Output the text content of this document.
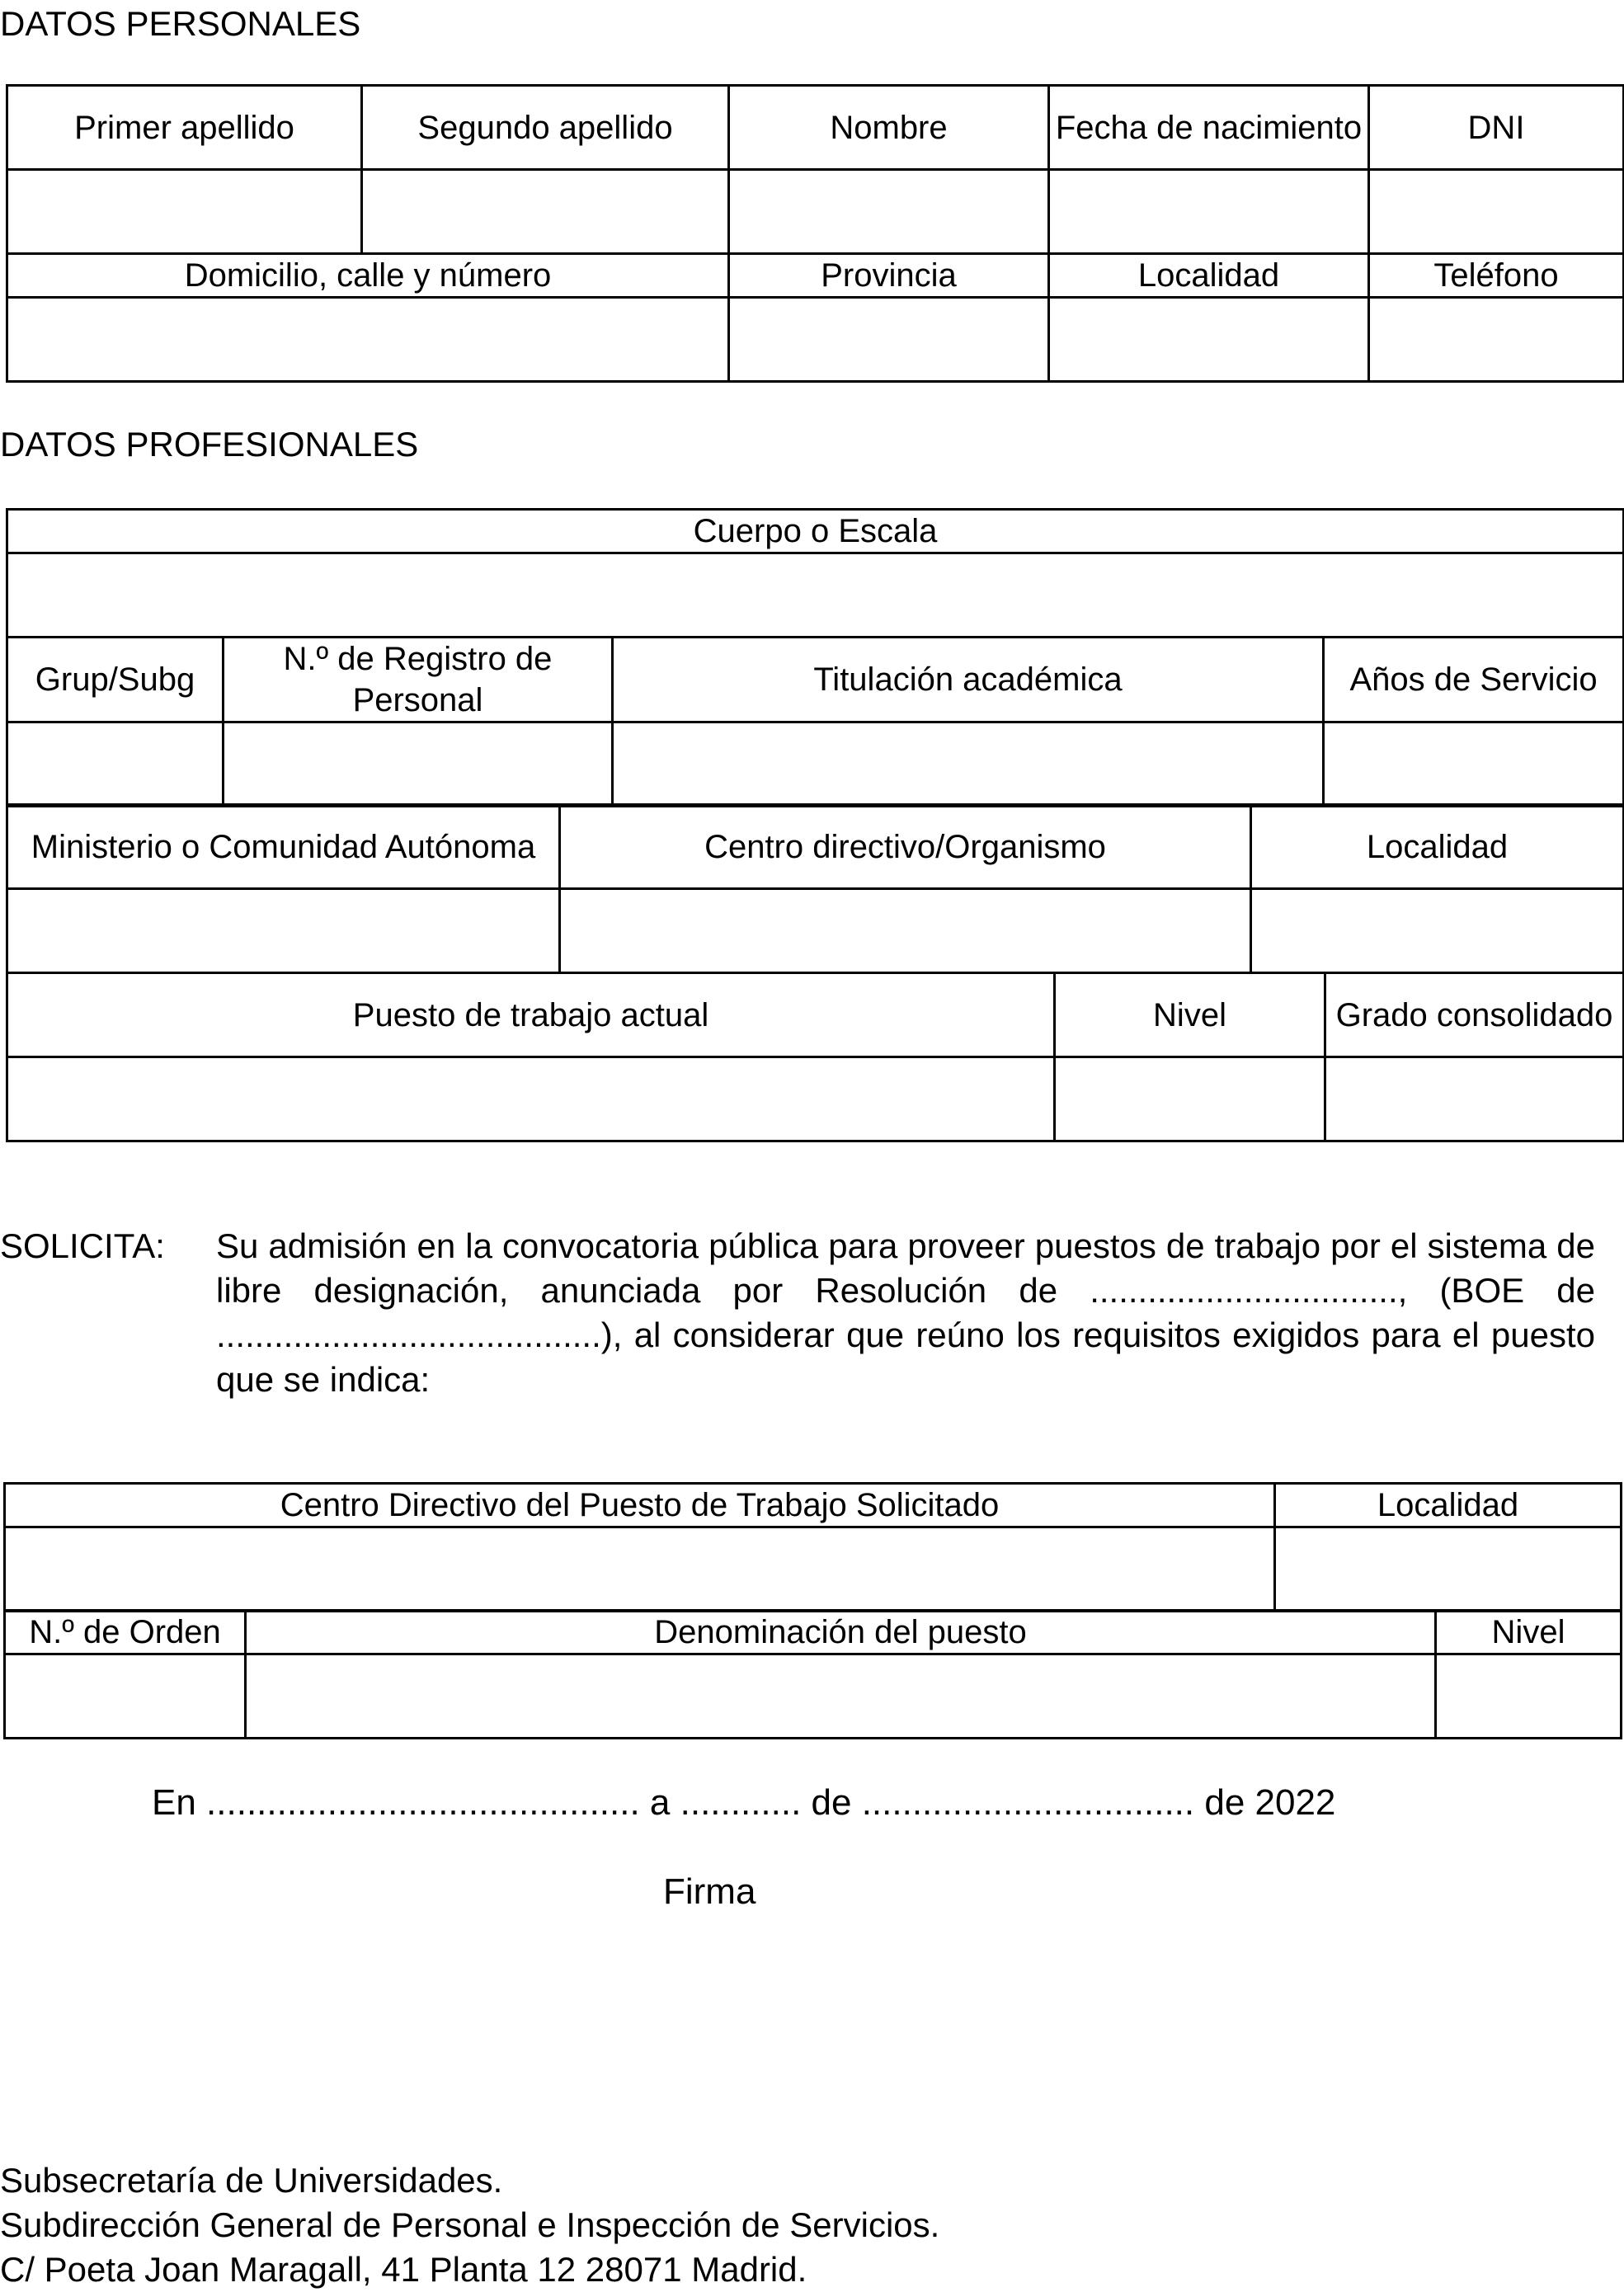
DATOS PERSONALES
Primer apellido	Segundo apellido	Nombre	Fecha de nacimiento	DNI

Domicilio, calle y número		Provincia	Localidad	Teléfono

DATOS PROFESIONALES
Cuerpo o Escala			

Grup/Subg	N.º de Registro de Personal	Titulación académica	Años de Servicio

Ministerio o Comunidad Autónoma	Centro directivo/Organismo	Localidad

Puesto de trabajo actual	Nivel	Grado consolidado

SOLICITA: Su admisión en la convocatoria pública para proveer puestos de trabajo por el sistema de libre designación, anunciada por Resolución de ................................, (BOE de ........................................), al considerar que reúno los requisitos exigidos para el puesto que se indica:
Centro Directivo del Puesto de Trabajo Solicitado	Localidad

N.º de Orden	Denominación del puesto	Nivel

En ........................................... a ............ de ................................. de 2022
Firma
Subsecretaría de Universidades.
Subdirección General de Personal e Inspección de Servicios.
C/ Poeta Joan Maragall, 41 Planta 12 28071 Madrid.
